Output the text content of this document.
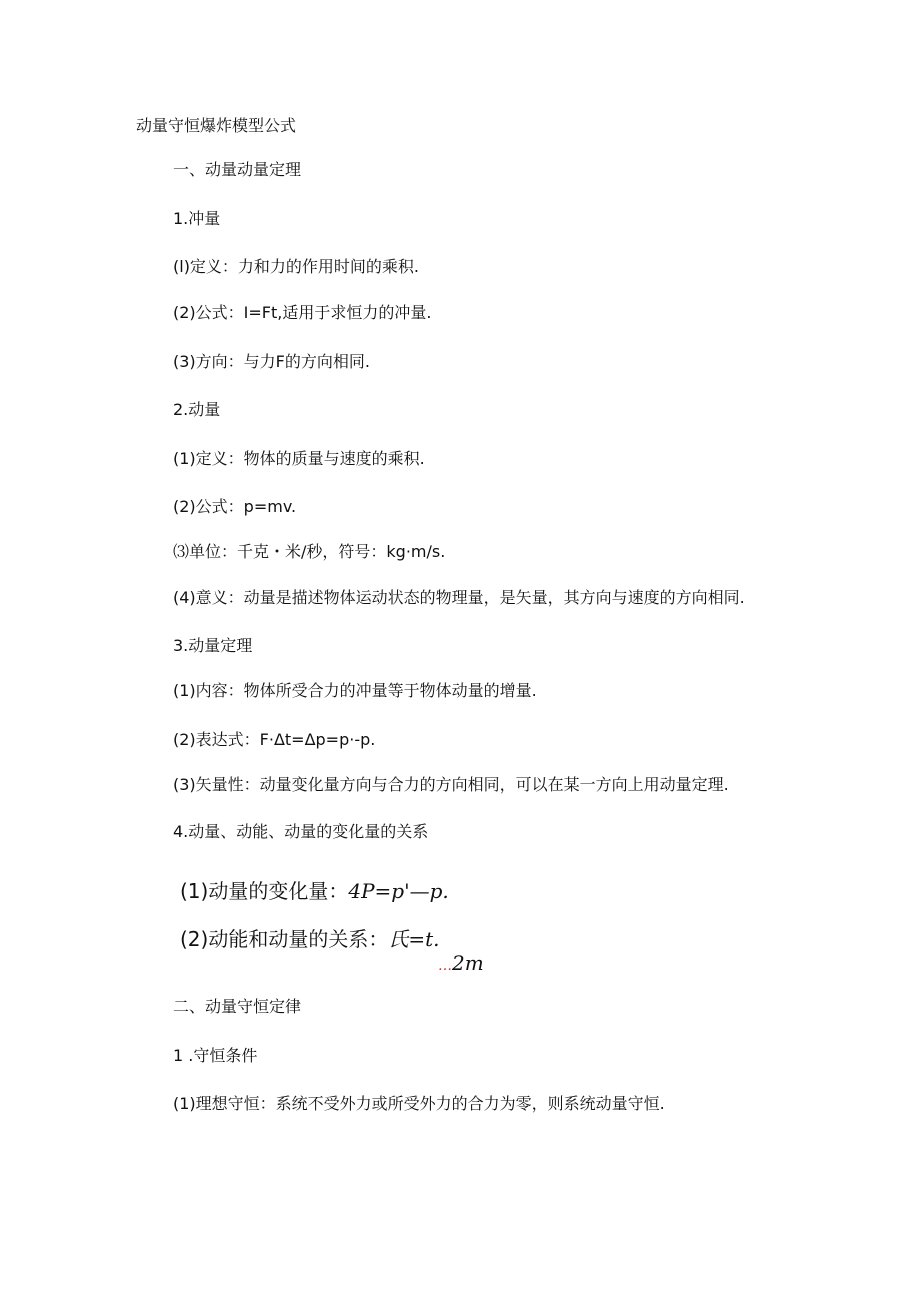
动量守恒爆炸模型公式
一、动量动量定理
1.冲量
(l)定义：力和力的作用时间的乘积.
(2)公式：I=Ft,适用于求恒力的冲量.
(3)方向：与力F的方向相同.
2.动量
(1)定义：物体的质量与速度的乘积.
(2)公式：p=mv.
⑶单位：千克・米/秒，符号：kg·m∕s.
(4)意义：动量是描述物体运动状态的物理量，是矢量，其方向与速度的方向相同.
3.动量定理
(1)内容：物体所受合力的冲量等于物体动量的增量.
(2)表达式：F·Δt=Δp=p·-p.
(3)矢量性：动量变化量方向与合力的方向相同，可以在某一方向上用动量定理.
4.动量、动能、动量的变化量的关系
(1)动量的变化量：4P=p'—p.
(2)动能和动量的关系：氏=t.
…2m
二、动量守恒定律
1 .守恒条件
(1)理想守恒：系统不受外力或所受外力的合力为零，则系统动量守恒.
